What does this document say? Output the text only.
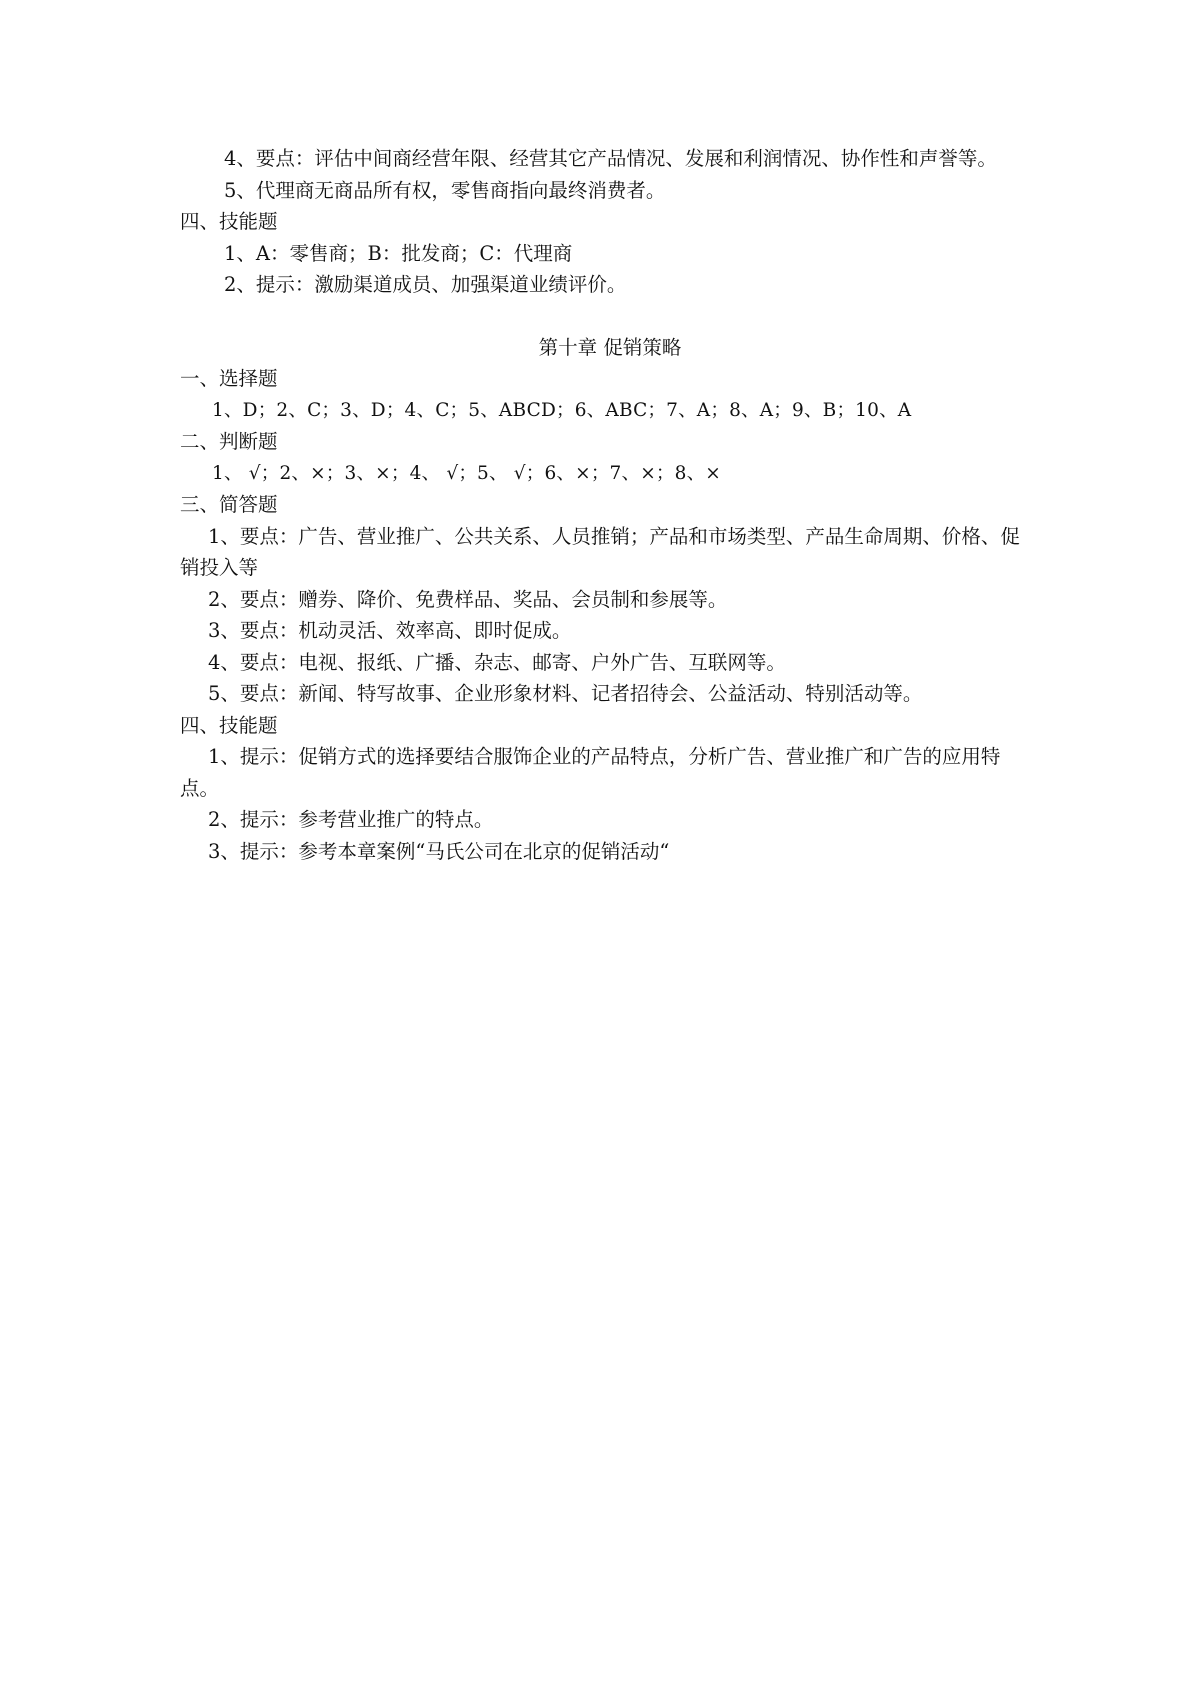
4、要点：评估中间商经营年限、经营其它产品情况、发展和利润情况、协作性和声誉等。

5、代理商无商品所有权，零售商指向最终消费者。

四、技能题

1、A：零售商；B：批发商；C：代理商

2、提示：激励渠道成员、加强渠道业绩评价。

第十章 促销策略

一、选择题

1、D；2、C；3、D；4、C；5、ABCD；6、ABC；7、A；8、A；9、B；10、A

二、判断题

1、 √；2、×；3、×；4、 √；5、 √；6、×；7、×；8、×

三、简答题

1、要点：广告、营业推广、公共关系、人员推销；产品和市场类型、产品生命周期、价格、促销投入等

2、要点：赠券、降价、免费样品、奖品、会员制和参展等。

3、要点：机动灵活、效率高、即时促成。

4、要点：电视、报纸、广播、杂志、邮寄、户外广告、互联网等。

5、要点：新闻、特写故事、企业形象材料、记者招待会、公益活动、特别活动等。

四、技能题

1、提示：促销方式的选择要结合服饰企业的产品特点，分析广告、营业推广和广告的应用特点。

2、提示：参考营业推广的特点。

3、提示：参考本章案例“马氏公司在北京的促销活动“
